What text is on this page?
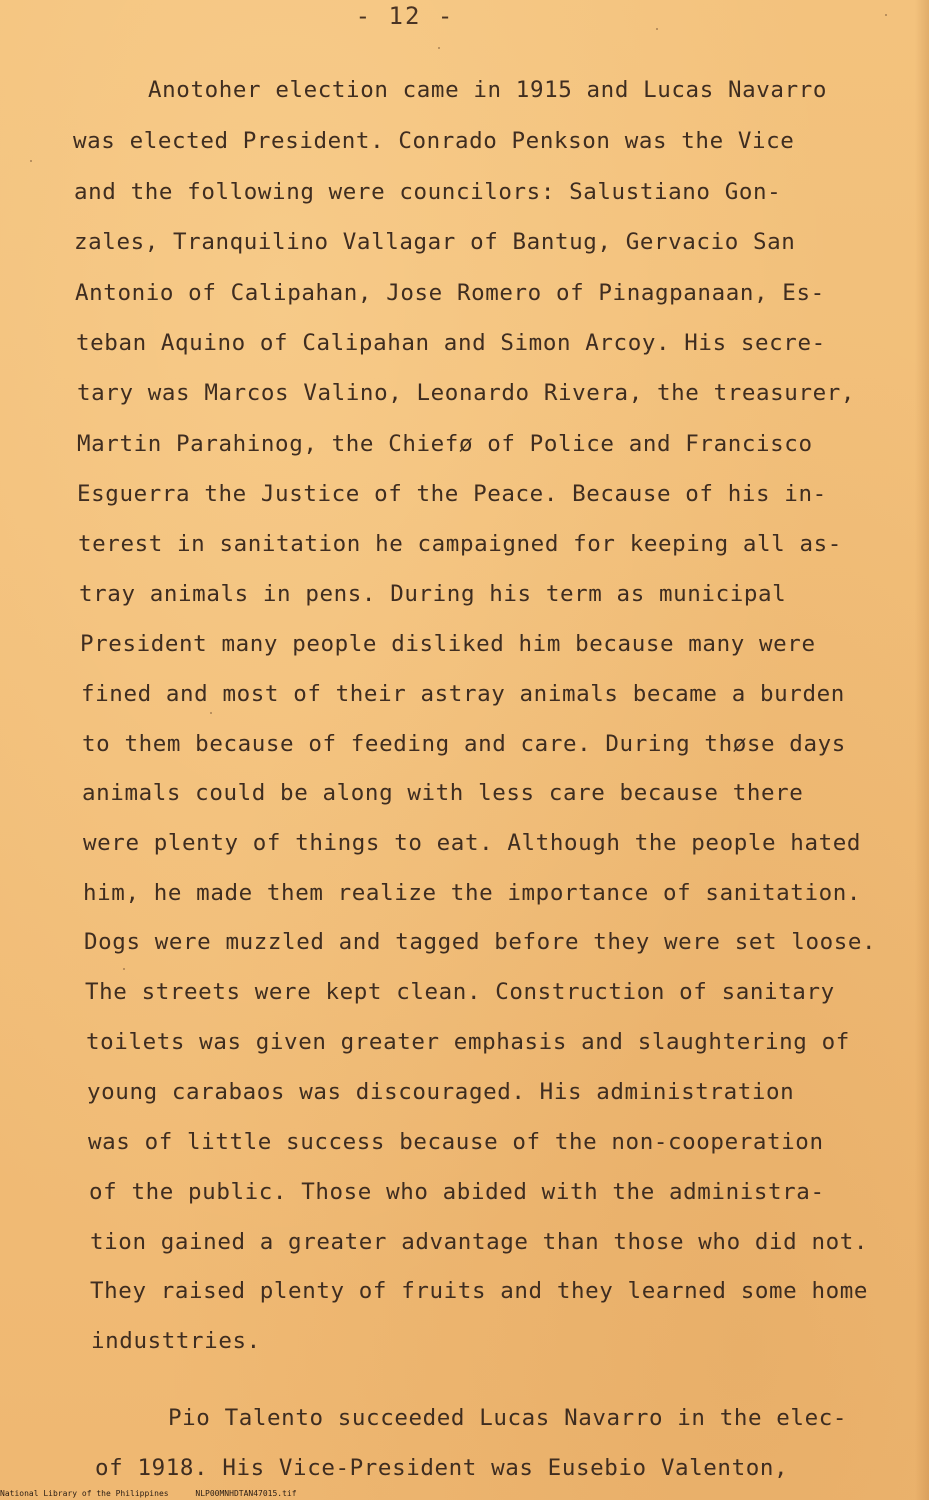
- 12 -
Anotoher election came in 1915 and Lucas Navarro
was elected President. Conrado Penkson was the Vice
and the following were councilors: Salustiano Gon-
zales, Tranquilino Vallagar of Bantug, Gervacio San
Antonio of Calipahan, Jose Romero of Pinagpanaan, Es-
teban Aquino of Calipahan and Simon Arcoy. His secre-
tary was Marcos Valino, Leonardo Rivera, the treasurer,
Martin Parahinog, the Chiefø of Police and Francisco
Esguerra the Justice of the Peace. Because of his in-
terest in sanitation he campaigned for keeping all as-
tray animals in pens. During his term as municipal
President many people disliked him because many were
fined and most of their astray animals became a burden
to them because of feeding and care. During thøse days
animals could be along with less care because there
were plenty of things to eat. Although the people hated
him, he made them realize the importance of sanitation.
Dogs were muzzled and tagged before they were set loose.
The streets were kept clean. Construction of sanitary
toilets was given greater emphasis and slaughtering of
young carabaos was discouraged. His administration
was of little success because of the non-cooperation
of the public. Those who abided with the administra-
tion gained a greater advantage than those who did not.
They raised plenty of fruits and they learned some home
industtries.
Pio Talento succeeded Lucas Navarro in the elec-
of 1918. His Vice-President was Eusebio Valenton,
National Library of the Philippines	NLP00MNHDTAN47015.tif
